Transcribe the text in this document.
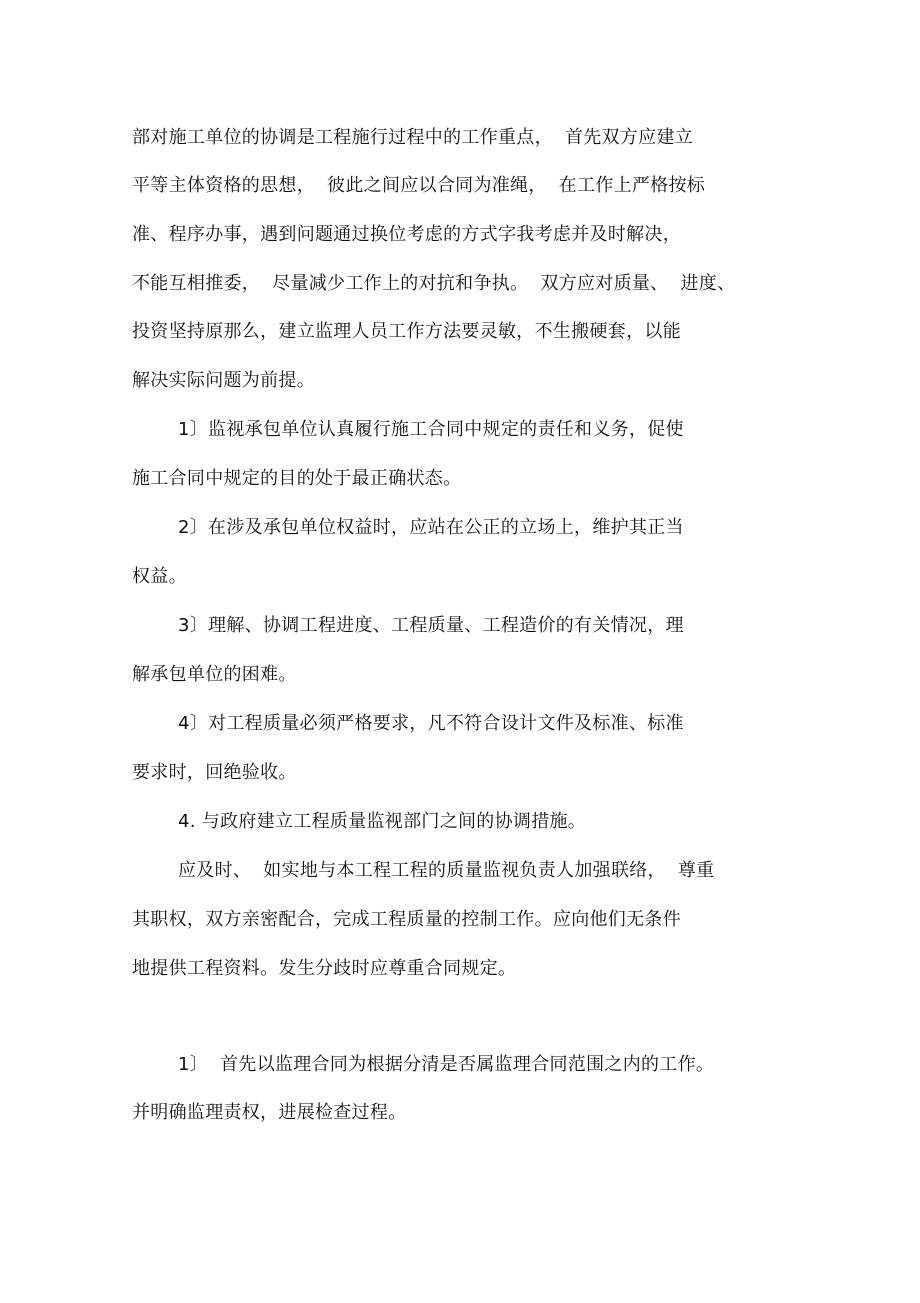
部对施工单位的协调是工程施行过程中的工作重点，  首先双方应建立
平等主体资格的思想，  彼此之间应以合同为准绳，  在工作上严格按标
准、程序办事，遇到问题通过换位考虑的方式字我考虑并及时解决，
不能互相推委，  尽量减少工作上的对抗和争执。  双方应对质量、  进度、
投资坚持原那么，建立监理人员工作方法要灵敏，不生搬硬套，以能
解决实际问题为前提。
1〕监视承包单位认真履行施工合同中规定的责任和义务，促使
施工合同中规定的目的处于最正确状态。
2〕在涉及承包单位权益时，应站在公正的立场上，维护其正当
权益。
3〕理解、协调工程进度、工程质量、工程造价的有关情况，理
解承包单位的困难。
4〕对工程质量必须严格要求，凡不符合设计文件及标准、标准
要求时，回绝验收。
4. 与政府建立工程质量监视部门之间的协调措施。
应及时、  如实地与本工程工程的质量监视负责人加强联络，  尊重
其职权，双方亲密配合，完成工程质量的控制工作。应向他们无条件
地提供工程资料。发生分歧时应尊重合同规定。
1〕  首先以监理合同为根据分清是否属监理合同范围之内的工作。
并明确监理责权，进展检查过程。
